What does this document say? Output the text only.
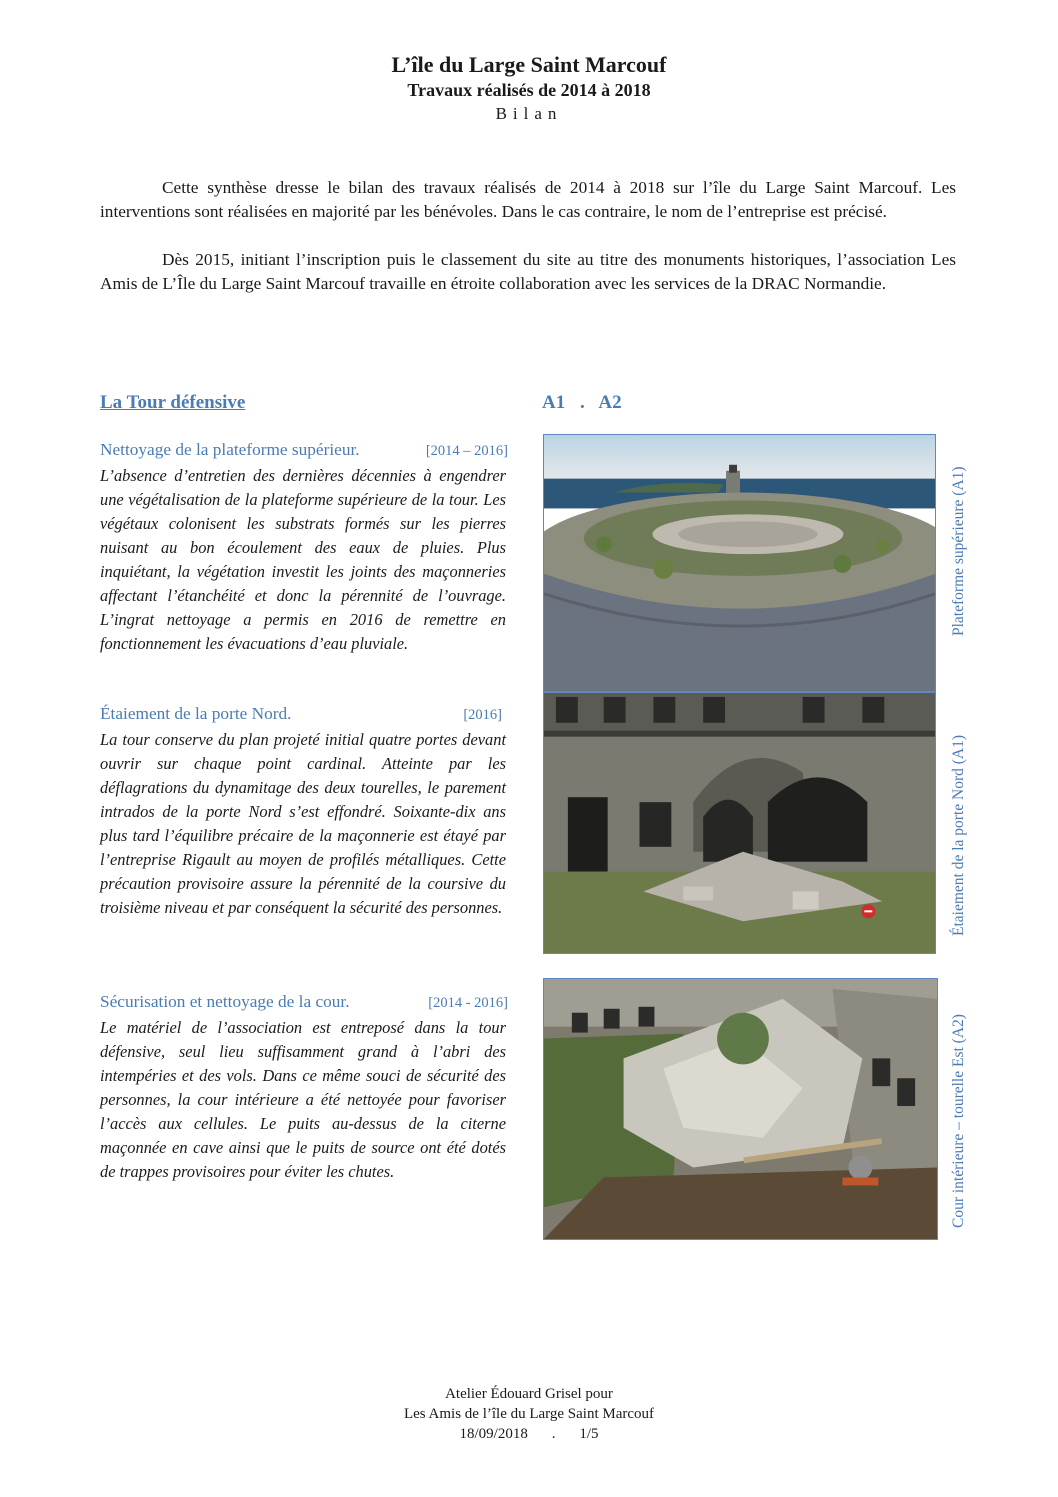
L’île du Large Saint Marcouf
Travaux réalisés de 2014 à 2018
Bilan

Cette synthèse dresse le bilan des travaux réalisés de 2014 à 2018 sur l’île du Large Saint Marcouf. Les interventions sont réalisées en majorité par les bénévoles. Dans le cas contraire, le nom de l’entreprise est précisé.

Dès 2015, initiant l’inscription puis le classement du site au titre des monuments historiques, l’association Les Amis de L’Île du Large Saint Marcouf travaille en étroite collaboration avec les services de la DRAC Normandie.

La Tour défensive	A1 . A2
Nettoyage de la plateforme supérieur.	[2014 – 2016]

L’absence d’entretien des dernières décennies à engendrer une végétalisation de la plateforme supérieure de la tour. Les végétaux colonisent les substrats formés sur les pierres nuisant au bon écoulement des eaux de pluies. Plus inquiétant, la végétation investit les joints des maçonneries affectant l’étanchéité et donc la pérennité de l’ouvrage. L’ingrat nettoyage a permis en 2016 de remettre en fonctionnement les évacuations d’eau pluviale.

Étaiement de la porte Nord.	[2016]

La tour conserve du plan projeté initial quatre portes devant ouvrir sur chaque point cardinal. Atteinte par les déflagrations du dynamitage des deux tourelles, le parement intrados de la porte Nord s’est effondré. Soixante-dix ans plus tard l’équilibre précaire de la maçonnerie est étayé par l’entreprise Rigault au moyen de profilés métalliques. Cette précaution provisoire assure la pérennité de la coursive du troisième niveau et par conséquent la sécurité des personnes.

Sécurisation et nettoyage de la cour.	[2014 - 2016]

Le matériel de l’association est entreposé dans la tour défensive, seul lieu suffisamment grand à l’abri des intempéries et des vols. Dans ce même souci de sécurité des personnes, la cour intérieure a été nettoyée pour favoriser l’accès aux cellules. Le puits au-dessus de la citerne maçonnée en cave ainsi que le puits de source ont été dotés de trappes provisoires pour éviter les chutes.

Plateforme supérieure (A1)
Étaiement de la porte Nord (A1)
Cour intérieure – tourelle Est (A2)
Atelier Édouard Grisel pour
Les Amis de l’île du Large Saint Marcouf
18/09/2018 . 1/5
